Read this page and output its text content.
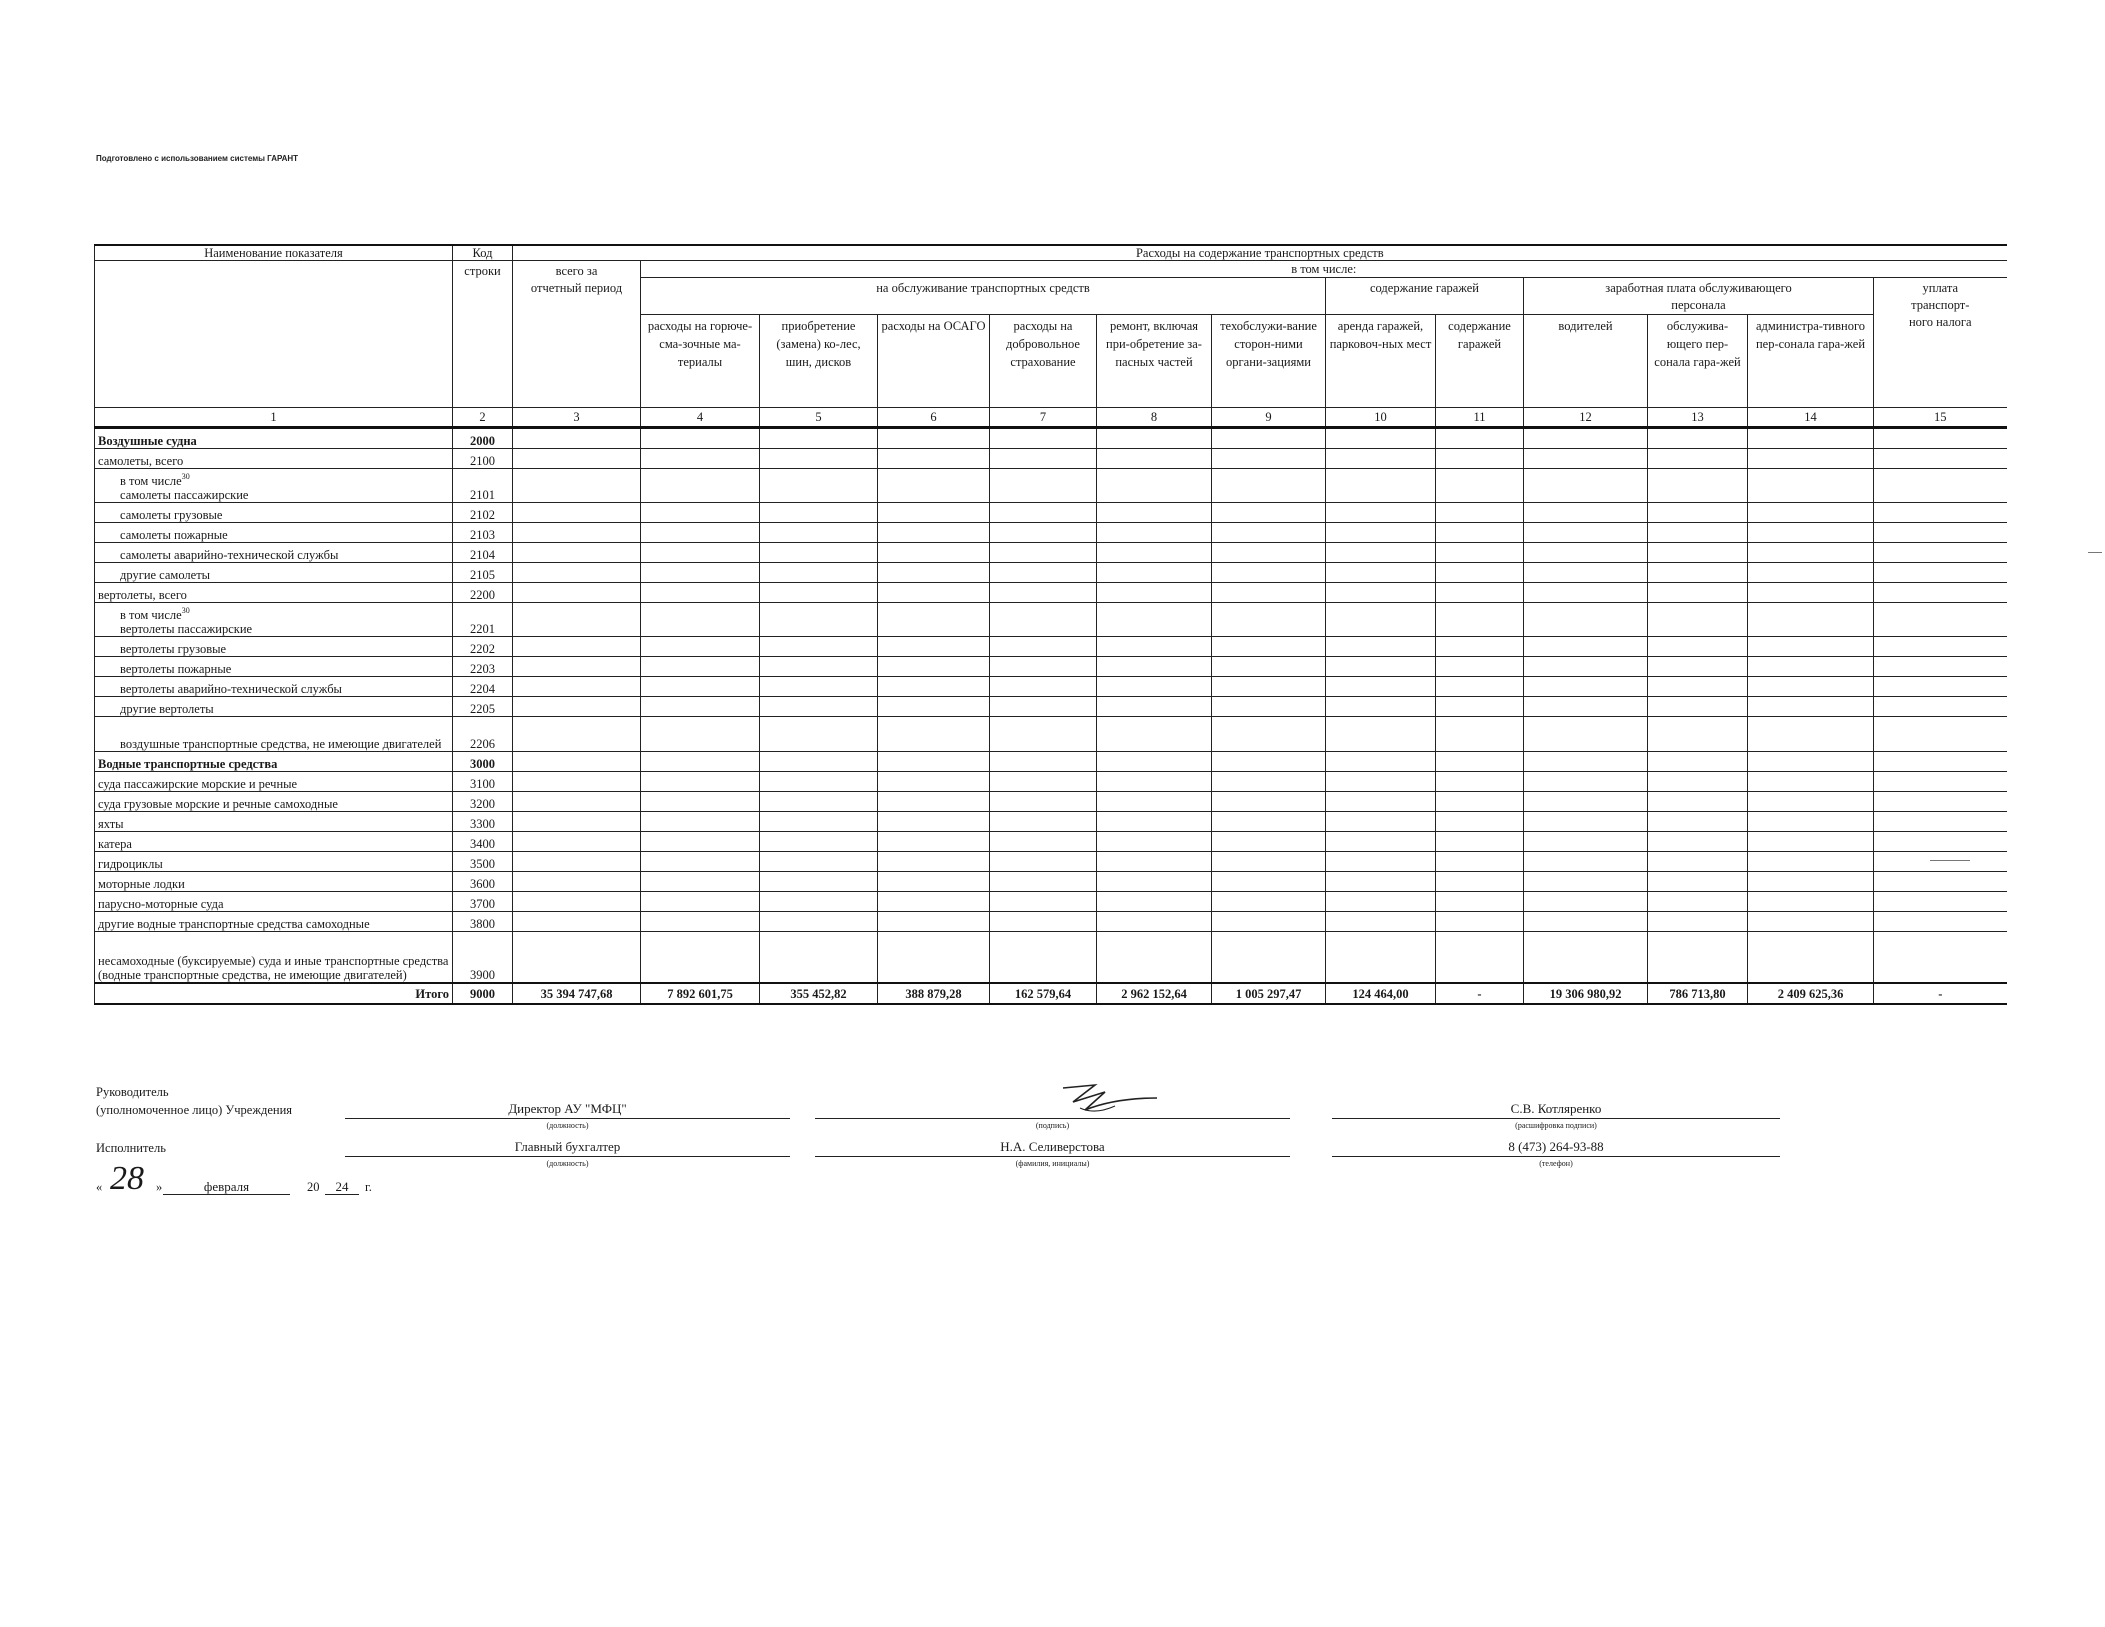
Подготовлено с использованием системы ГАРАНТ
Наименование показателя	Код	Расходы на содержание транспортных средств												
	строки	всего за отчетный период	в том числе:											
			на обслуживание транспортных средств						содержание гаражей		заработная плата обслуживающего персонала			уплата транспорт-ного налога
			расходы на горюче-сма-зочные ма-териалы	приобретение (замена) ко-лес, шин, дисков	расходы на ОСАГО	расходы на добровольное страхование	ремонт, включая при-обретение за-пасных частей	техобслужи-вание сторон-ними органи-зациями	аренда гаражей, парковоч-ных мест	содержание гаражей	водителей	обслужива-ющего пер-сонала гара-жей	администра-тивного пер-сонала гара-жей	
1	2	3	4	5	6	7	8	9	10	11	12	13	14	15
Воздушные судна	2000													
самолеты, всего	2100													

в том числе$^{30}$
самолеты пассажирские	2101													

самолеты грузовые	2102													

самолеты пожарные	2103													

самолеты аварийно-технической службы	2104													

другие самолеты	2105													
вертолеты, всего	2200													

в том числе$^{30}$
вертолеты пассажирские	2201													

вертолеты грузовые	2202													

вертолеты пожарные	2203													

вертолеты аварийно-технической службы	2204													

другие вертолеты	2205													

воздушные транспортные средства, не имеющие двигателей	2206													
Водные транспортные средства	3000													
суда пассажирские морские и речные	3100													
суда грузовые морские и речные самоходные	3200													
яхты	3300													
катера	3400													
гидроциклы	3500													
моторные лодки	3600													
парусно-моторные суда	3700													
другие водные транспортные средства самоходные	3800													
несамоходные (буксируемые) суда и иные транспортные средства (водные транспортные средства, не имеющие двигателей)	3900													
Итого	9000	35 394 747,68	7 892 601,75	355 452,82	388 879,28	162 579,64	2 962 152,64	1 005 297,47	124 464,00	-	19 306 980,92	786 713,80	2 409 625,36	-
Руководитель
(уполномоченное лицо) Учреждения	Директор АУ "МФЦ"
(должность)	(подпись)
С.В. Котляренко
(расшифровка подписи)
Исполнитель	Главный бухгалтер
(должность)
Н.А. Селиверстова
(фамилия, инициалы)
8 (473) 264-93-88
(телефон)
« 28 »	февраля	20	24	г.
